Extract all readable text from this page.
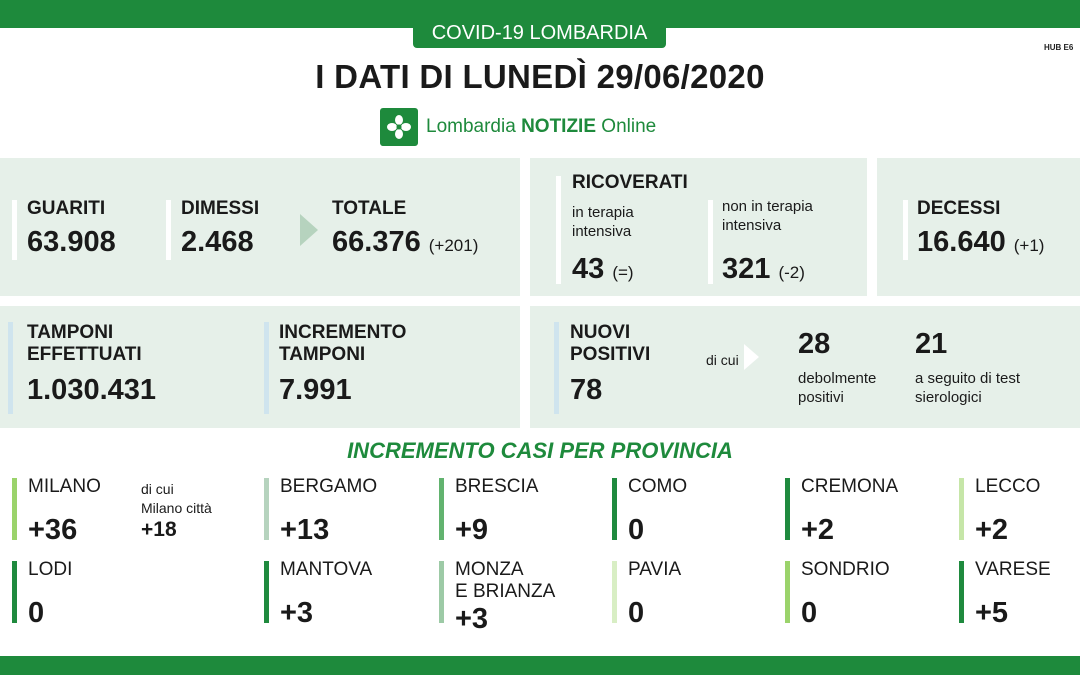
COVID-19 LOMBARDIA
HUB E6
I DATI DI LUNEDÌ 29/06/2020
Lombardia NOTIZIE Online
GUARITI
63.908
DIMESSI
2.468
TOTALE
66.376 (+201)
RICOVERATI
in terapia
intensiva
43 (=)
non in terapia
intensiva
321 (-2)
DECESSI
16.640 (+1)
TAMPONI
EFFETTUATI
1.030.431
INCREMENTO
TAMPONI
7.991
NUOVI
POSITIVI
78
di cui 28
debolmente
positivi
21
a seguito di test
sierologici
INCREMENTO CASI PER PROVINCIA
MILANO
+36
BERGAMO
+13
BRESCIA
+9
COMO
0
CREMONA
+2
LECCO
+2
LODI
0
MANTOVA
+3
MONZA
E BRIANZA
+3
PAVIA
0
SONDRIO
0
VARESE
+5
di cui
Milano città
+18
